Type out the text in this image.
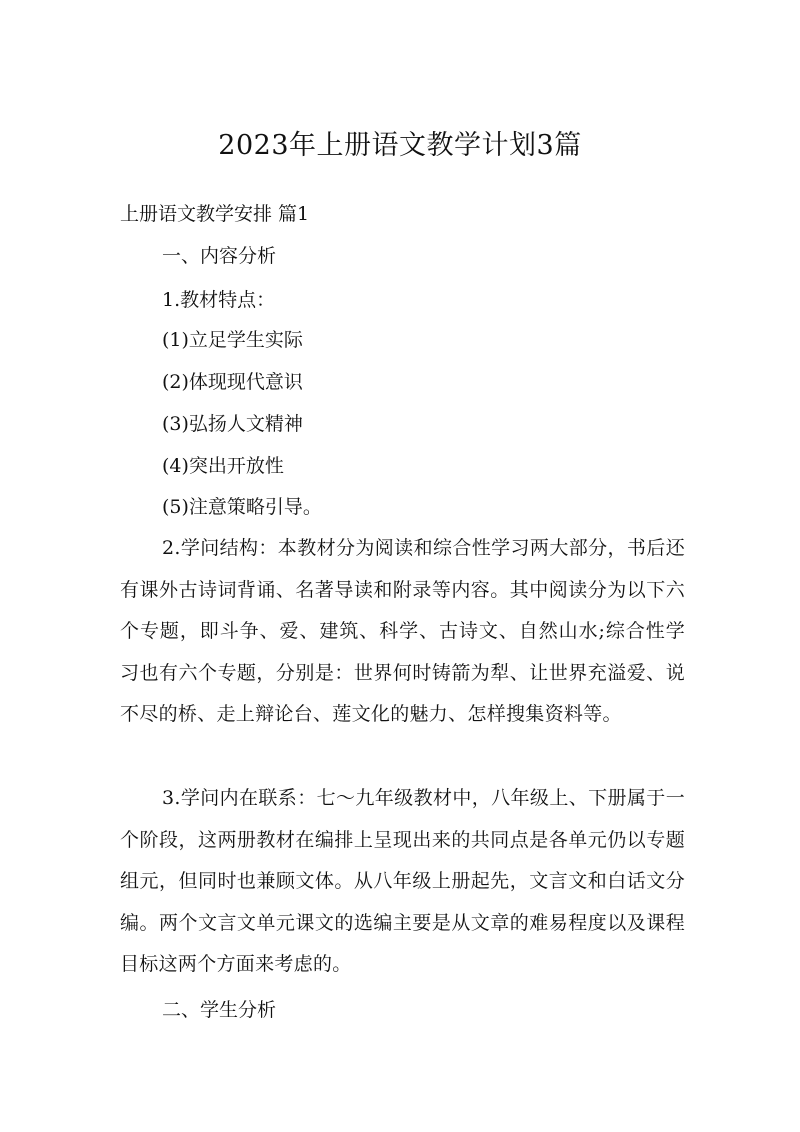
2023年上册语文教学计划3篇
上册语文教学安排 篇1
一、内容分析
1.教材特点：
(1)立足学生实际
(2)体现现代意识
(3)弘扬人文精神
(4)突出开放性
(5)注意策略引导。

2.学问结构：本教材分为阅读和综合性学习两大部分，书后还有课外古诗词背诵、名著导读和附录等内容。其中阅读分为以下六个专题，即斗争、爱、建筑、科学、古诗文、自然山水;综合性学习也有六个专题，分别是：世界何时铸箭为犁、让世界充溢爱、说不尽的桥、走上辩论台、莲文化的魅力、怎样搜集资料等。

3.学问内在联系：七～九年级教材中，八年级上、下册属于一个阶段，这两册教材在编排上呈现出来的共同点是各单元仍以专题组元，但同时也兼顾文体。从八年级上册起先，文言文和白话文分编。两个文言文单元课文的选编主要是从文章的难易程度以及课程目标这两个方面来考虑的。

二、学生分析
